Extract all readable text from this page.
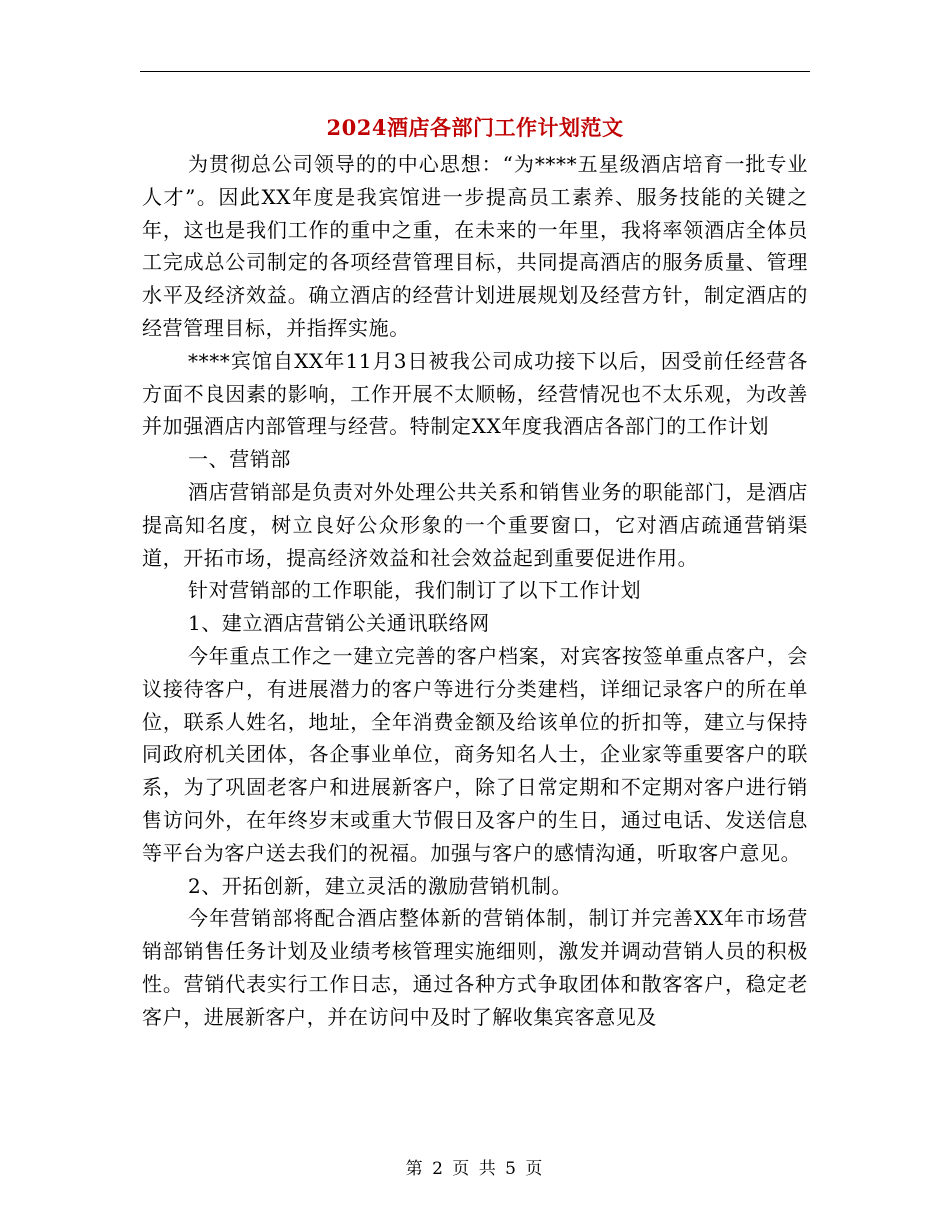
2024酒店各部门工作计划范文

为贯彻总公司领导的的中心思想：“为****五星级酒店培育一批专业人才”。因此XX年度是我宾馆进一步提高员工素养、服务技能的关键之年，这也是我们工作的重中之重，在未来的一年里，我将率领酒店全体员工完成总公司制定的各项经营管理目标，共同提高酒店的服务质量、管理水平及经济效益。确立酒店的经营计划进展规划及经营方针，制定酒店的经营管理目标，并指挥实施。

****宾馆自XX年11月3日被我公司成功接下以后，因受前任经营各方面不良因素的影响，工作开展不太顺畅，经营情况也不太乐观，为改善并加强酒店内部管理与经营。特制定XX年度我酒店各部门的工作计划

一、营销部

酒店营销部是负责对外处理公共关系和销售业务的职能部门，是酒店提高知名度，树立良好公众形象的一个重要窗口，它对酒店疏通营销渠道，开拓市场，提高经济效益和社会效益起到重要促进作用。

针对营销部的工作职能，我们制订了以下工作计划

1、建立酒店营销公关通讯联络网

今年重点工作之一建立完善的客户档案，对宾客按签单重点客户，会议接待客户，有进展潜力的客户等进行分类建档，详细记录客户的所在单位，联系人姓名，地址，全年消费金额及给该单位的折扣等，建立与保持同政府机关团体，各企事业单位，商务知名人士，企业家等重要客户的联系，为了巩固老客户和进展新客户，除了日常定期和不定期对客户进行销售访问外，在年终岁末或重大节假日及客户的生日，通过电话、发送信息等平台为客户送去我们的祝福。加强与客户的感情沟通，听取客户意见。

2、开拓创新，建立灵活的激励营销机制。

今年营销部将配合酒店整体新的营销体制，制订并完善XX年市场营销部销售任务计划及业绩考核管理实施细则，激发并调动营销人员的积极性。营销代表实行工作日志，通过各种方式争取团体和散客客户，稳定老客户，进展新客户，并在访问中及时了解收集宾客意见及

第 2 页 共 5 页
